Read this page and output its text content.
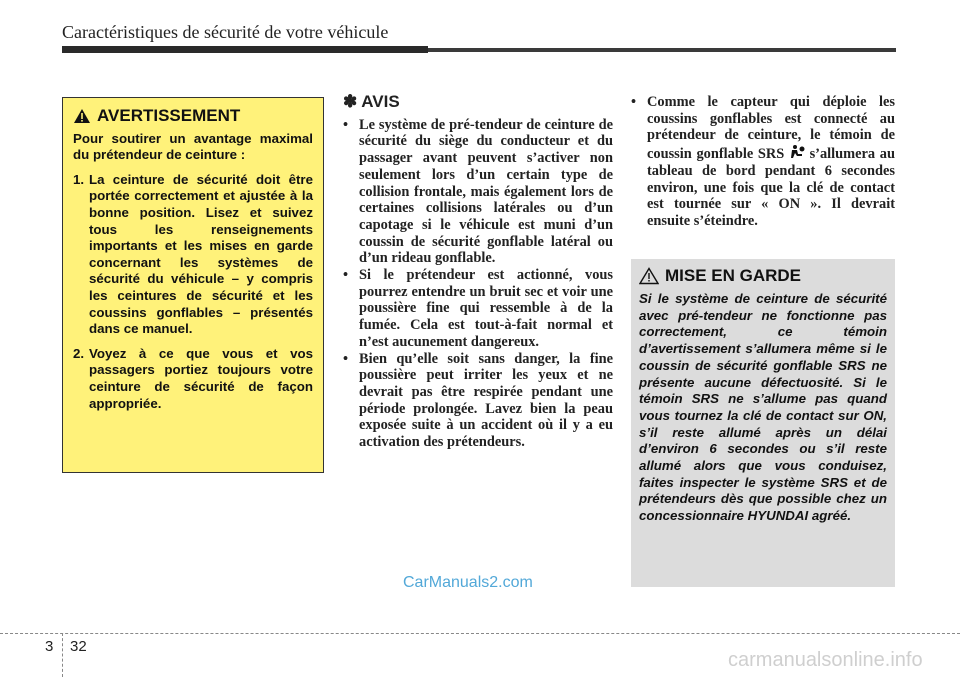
Caractéristiques de sécurité de votre véhicule
AVERTISSEMENT

Pour soutirer un avantage maximal du prétendeur de ceinture :

1. La ceinture de sécurité doit être portée correctement et ajustée à la bonne position. Lisez et suivez tous les renseignements importants et les mises en garde concernant les systèmes de sécurité du véhicule – y compris les ceintures de sécurité et les coussins gonflables – présentés dans ce manuel.
2. Voyez à ce que vous et vos passagers portiez toujours votre ceinture de sécurité de façon appropriée.
✽ AVIS
• Le système de pré-tendeur de ceinture de sécurité du siège du conducteur et du passager avant peuvent s’activer non seulement lors d’un certain type de collision frontale, mais également lors de certaines collisions latérales ou d’un capotage si le véhicule est muni d’un coussin de sécurité gonflable latéral ou d’un rideau gonflable.
• Si le prétendeur est actionné, vous pourrez entendre un bruit sec et voir une poussière fine qui ressemble à de la fumée. Cela est tout-à-fait normal et n’est aucunement dangereux.
• Bien qu’elle soit sans danger, la fine poussière peut irriter les yeux et ne devrait pas être respirée pendant une période prolongée. Lavez bien la peau exposée suite à un accident où il y a eu activation des prétendeurs.
• Comme le capteur qui déploie les coussins gonflables est connecté au prétendeur de ceinture, le témoin de coussin gonflable SRS s’allumera au tableau de bord pendant 6 secondes environ, une fois que la clé de contact est tournée sur « ON ». Il devrait ensuite s’éteindre.
MISE EN GARDE

Si le système de ceinture de sécurité avec pré-tendeur ne fonctionne pas correctement, ce témoin d’avertissement s’allumera même si le coussin de sécurité gonflable SRS ne présente aucune défectuosité. Si le témoin SRS ne s’allume pas quand vous tournez la clé de contact sur ON, s’il reste allumé après un délai d’environ 6 secondes ou s’il reste allumé alors que vous conduisez, faites inspecter le système SRS et de prétendeurs dès que possible chez un concessionnaire HYUNDAI agréé.

CarManuals2.com
3 32
carmanualsonline.info
